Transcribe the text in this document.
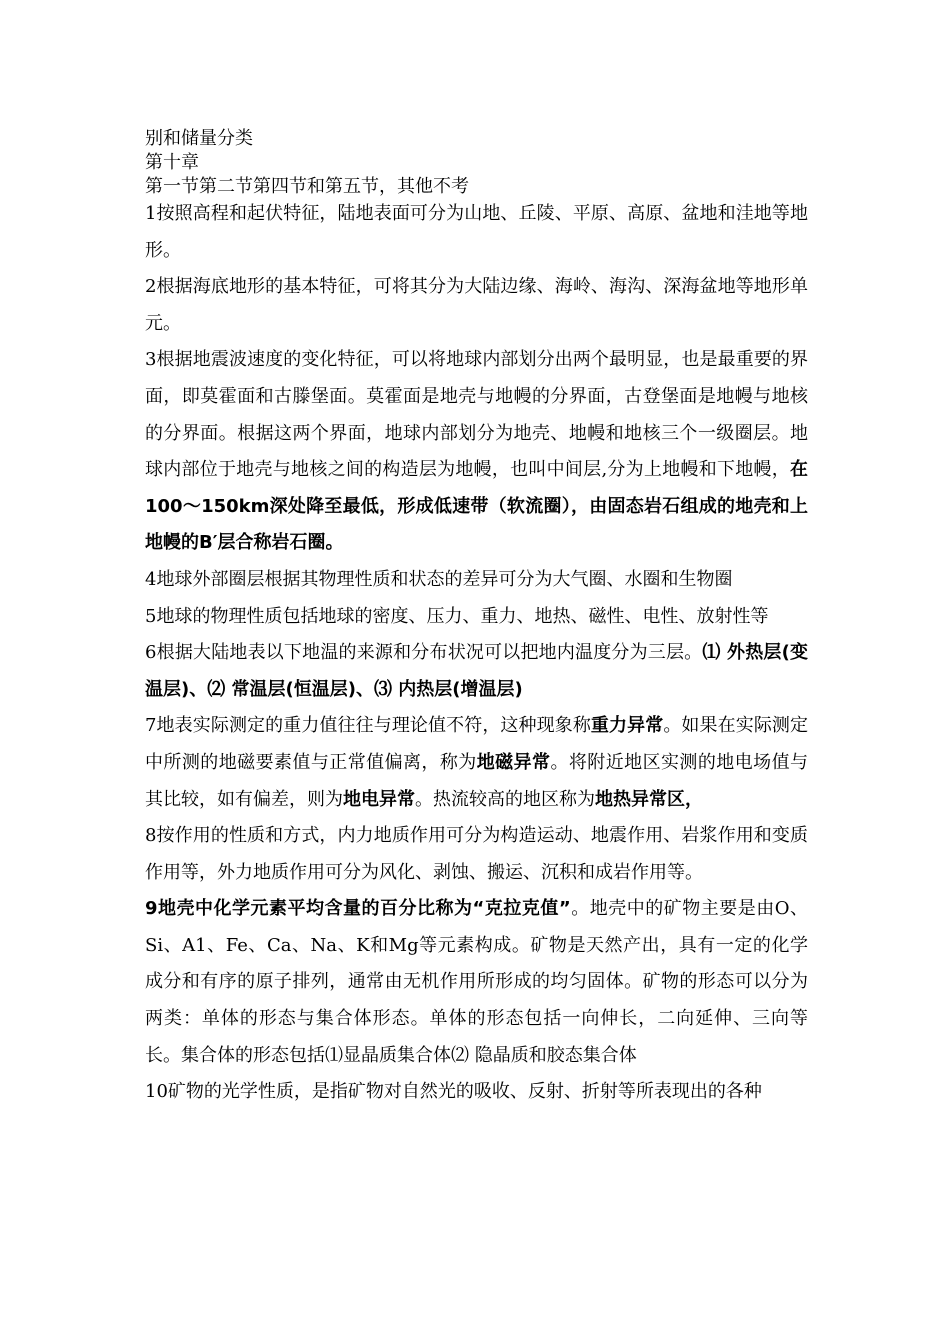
别和储量分类
第十章
第一节第二节第四节和第五节，其他不考

1按照高程和起伏特征，陆地表面可分为山地、丘陵、平原、高原、盆地和洼地等地形。

2根据海底地形的基本特征，可将其分为大陆边缘、海岭、海沟、深海盆地等地形单元。

3根据地震波速度的变化特征，可以将地球内部划分出两个最明显，也是最重要的界面，即莫霍面和古滕堡面。莫霍面是地壳与地幔的分界面，古登堡面是地幔与地核的分界面。根据这两个界面，地球内部划分为地壳、地幔和地核三个一级圈层。地球内部位于地壳与地核之间的构造层为地幔，也叫中间层,分为上地幔和下地幔，在100～150km深处降至最低，形成低速带（软流圈），由固态岩石组成的地壳和上地幔的B′层合称岩石圈。

4地球外部圈层根据其物理性质和状态的差异可分为大气圈、水圈和生物圈

5地球的物理性质包括地球的密度、压力、重力、地热、磁性、电性、放射性等

6根据大陆地表以下地温的来源和分布状况可以把地内温度分为三层。⑴ 外热层(变温层)、⑵ 常温层(恒温层)、⑶ 内热层(增温层)

7地表实际测定的重力值往往与理论值不符，这种现象称重力异常。如果在实际测定中所测的地磁要素值与正常值偏离，称为地磁异常。将附近地区实测的地电场值与其比较，如有偏差，则为地电异常。热流较高的地区称为地热异常区，

8按作用的性质和方式，内力地质作用可分为构造运动、地震作用、岩浆作用和变质作用等，外力地质作用可分为风化、剥蚀、搬运、沉积和成岩作用等。

9地壳中化学元素平均含量的百分比称为“克拉克值”。地壳中的矿物主要是由O、Si、A1、Fe、Ca、Na、K和Mg等元素构成。矿物是天然产出，具有一定的化学成分和有序的原子排列，通常由无机作用所形成的均匀固体。矿物的形态可以分为两类：单体的形态与集合体形态。单体的形态包括一向伸长，二向延伸、三向等长。集合体的形态包括⑴显晶质集合体⑵ 隐晶质和胶态集合体

10矿物的光学性质，是指矿物对自然光的吸收、反射、折射等所表现出的各种
